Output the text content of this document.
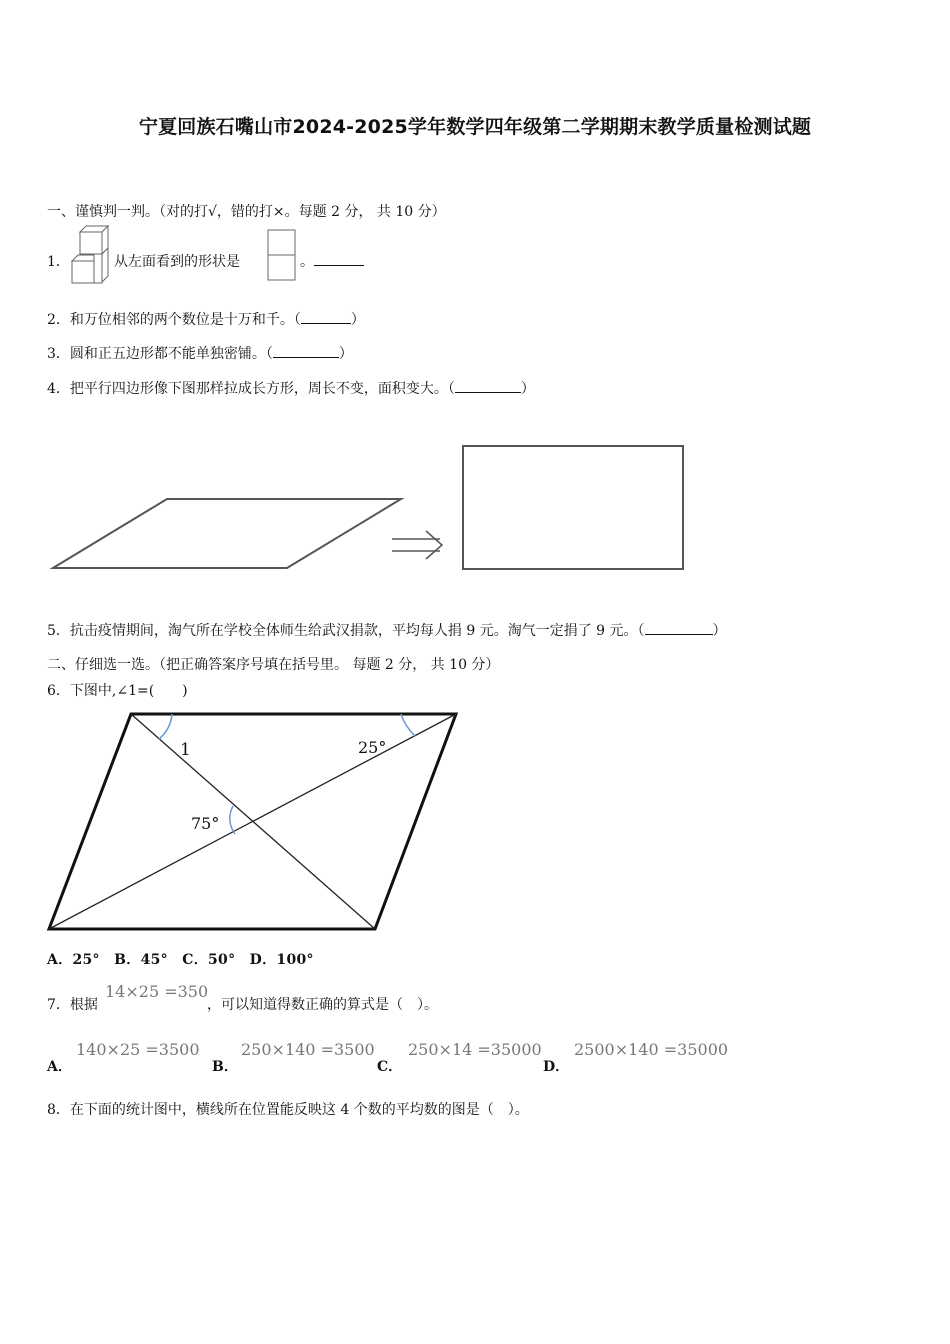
宁夏回族石嘴山市2024-2025学年数学四年级第二学期期末教学质量检测试题
一、谨慎判一判。（对的打√，错的打×。每题 2 分， 共 10 分）
1．	从左面看到的形状是	。
2．和万位相邻的两个数位是十万和千。（	）
3．圆和正五边形都不能单独密铺。（	）
4．把平行四边形像下图那样拉成长方形，周长不变，面积变大。（	）
5．抗击疫情期间，淘气所在学校全体师生给武汉捐款，平均每人捐 9 元。淘气一定捐了 9 元。（	）
二、仔细选一选。（把正确答案序号填在括号里。 每题 2 分， 共 10 分）
6．下图中,∠1=(　　)
1	25°
75°
A．25°　B．45°　C．50°　D．100°
7．根据
14×25 =350
，可以知道得数正确的算式是（　）。
A．
140×25 =3500
B．
250×140 =3500
C．
250×14 =35000
D．
2500×140 =35000
8．在下面的统计图中，横线所在位置能反映这 4 个数的平均数的图是（　）。
